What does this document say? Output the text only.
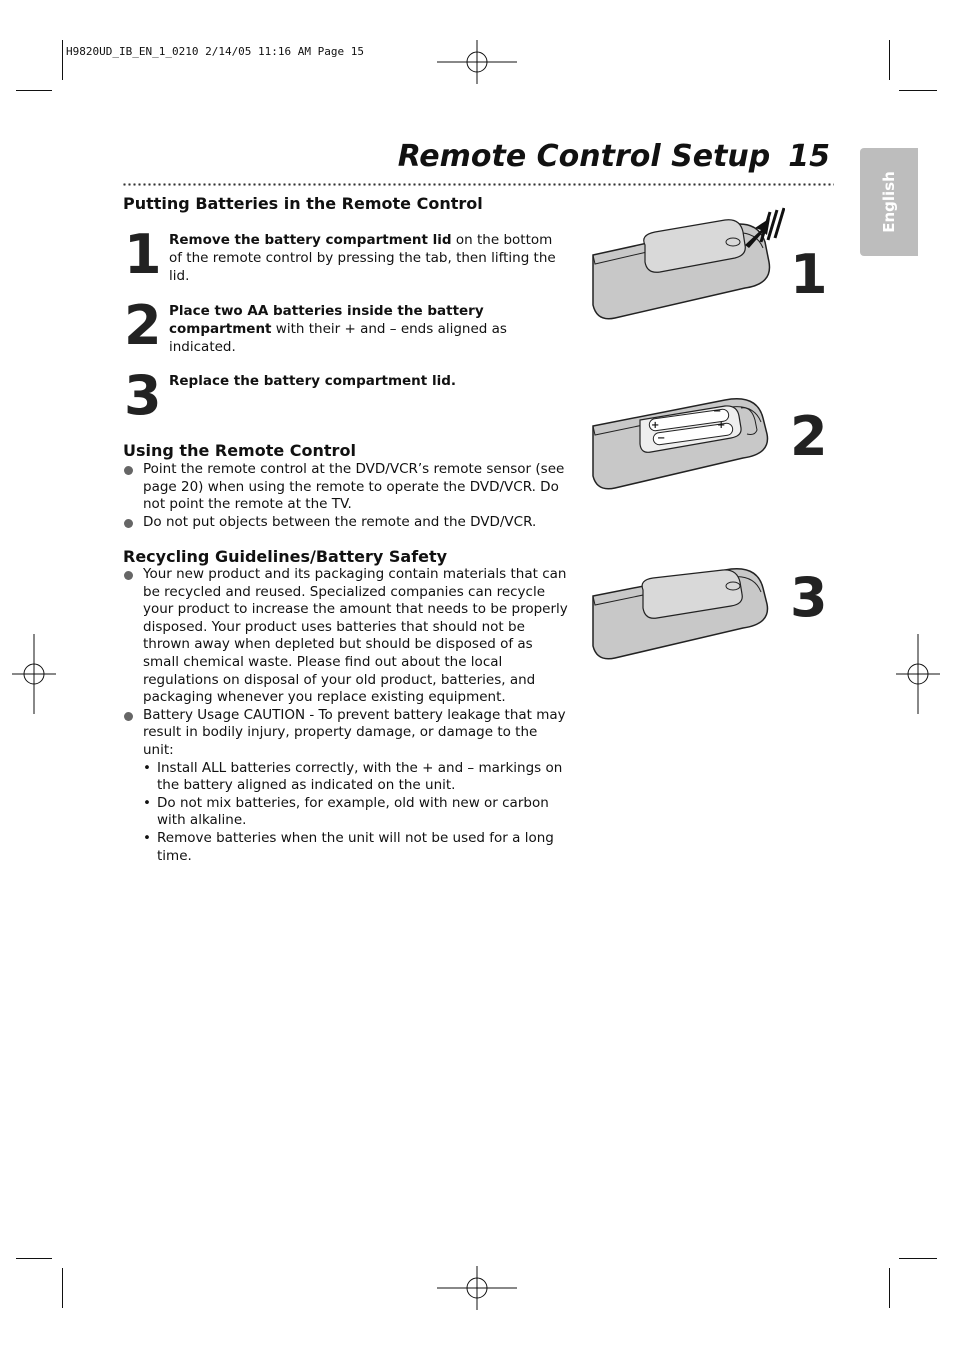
H9820UD_IB_EN_1_0210 2/14/05 11:16 AM Page 15
Remote Control Setup 15
English
Putting Batteries in the Remote Control
1 Remove the battery compartment lid on the bottom of the remote control by pressing the tab, then lifting the lid.
2 Place two AA batteries inside the battery compartment with their + and – ends aligned as indicated.
3 Replace the battery compartment lid.
Using the Remote Control
Point the remote control at the DVD/VCR’s remote sensor (see page 20) when using the remote to operate the DVD/VCR. Do not point the remote at the TV.
Do not put objects between the remote and the DVD/VCR.
Recycling Guidelines/Battery Safety
Your new product and its packaging contain materials that can be recycled and reused. Specialized companies can recycle your product to increase the amount that needs to be properly disposed. Your product uses batteries that should not be thrown away when depleted but should be disposed of as small chemical waste. Please find out about the local regulations on disposal of your old product, batteries, and packaging whenever you replace existing equipment.
Battery Usage CAUTION - To prevent battery leakage that may result in bodily injury, property damage, or damage to the unit:
• Install ALL batteries correctly, with the + and – markings on the battery aligned as indicated on the unit.
• Do not mix batteries, for example, old with new or carbon with alkaline.
• Remove batteries when the unit will not be used for a long time.
1
+
−
−
+ 2
3
